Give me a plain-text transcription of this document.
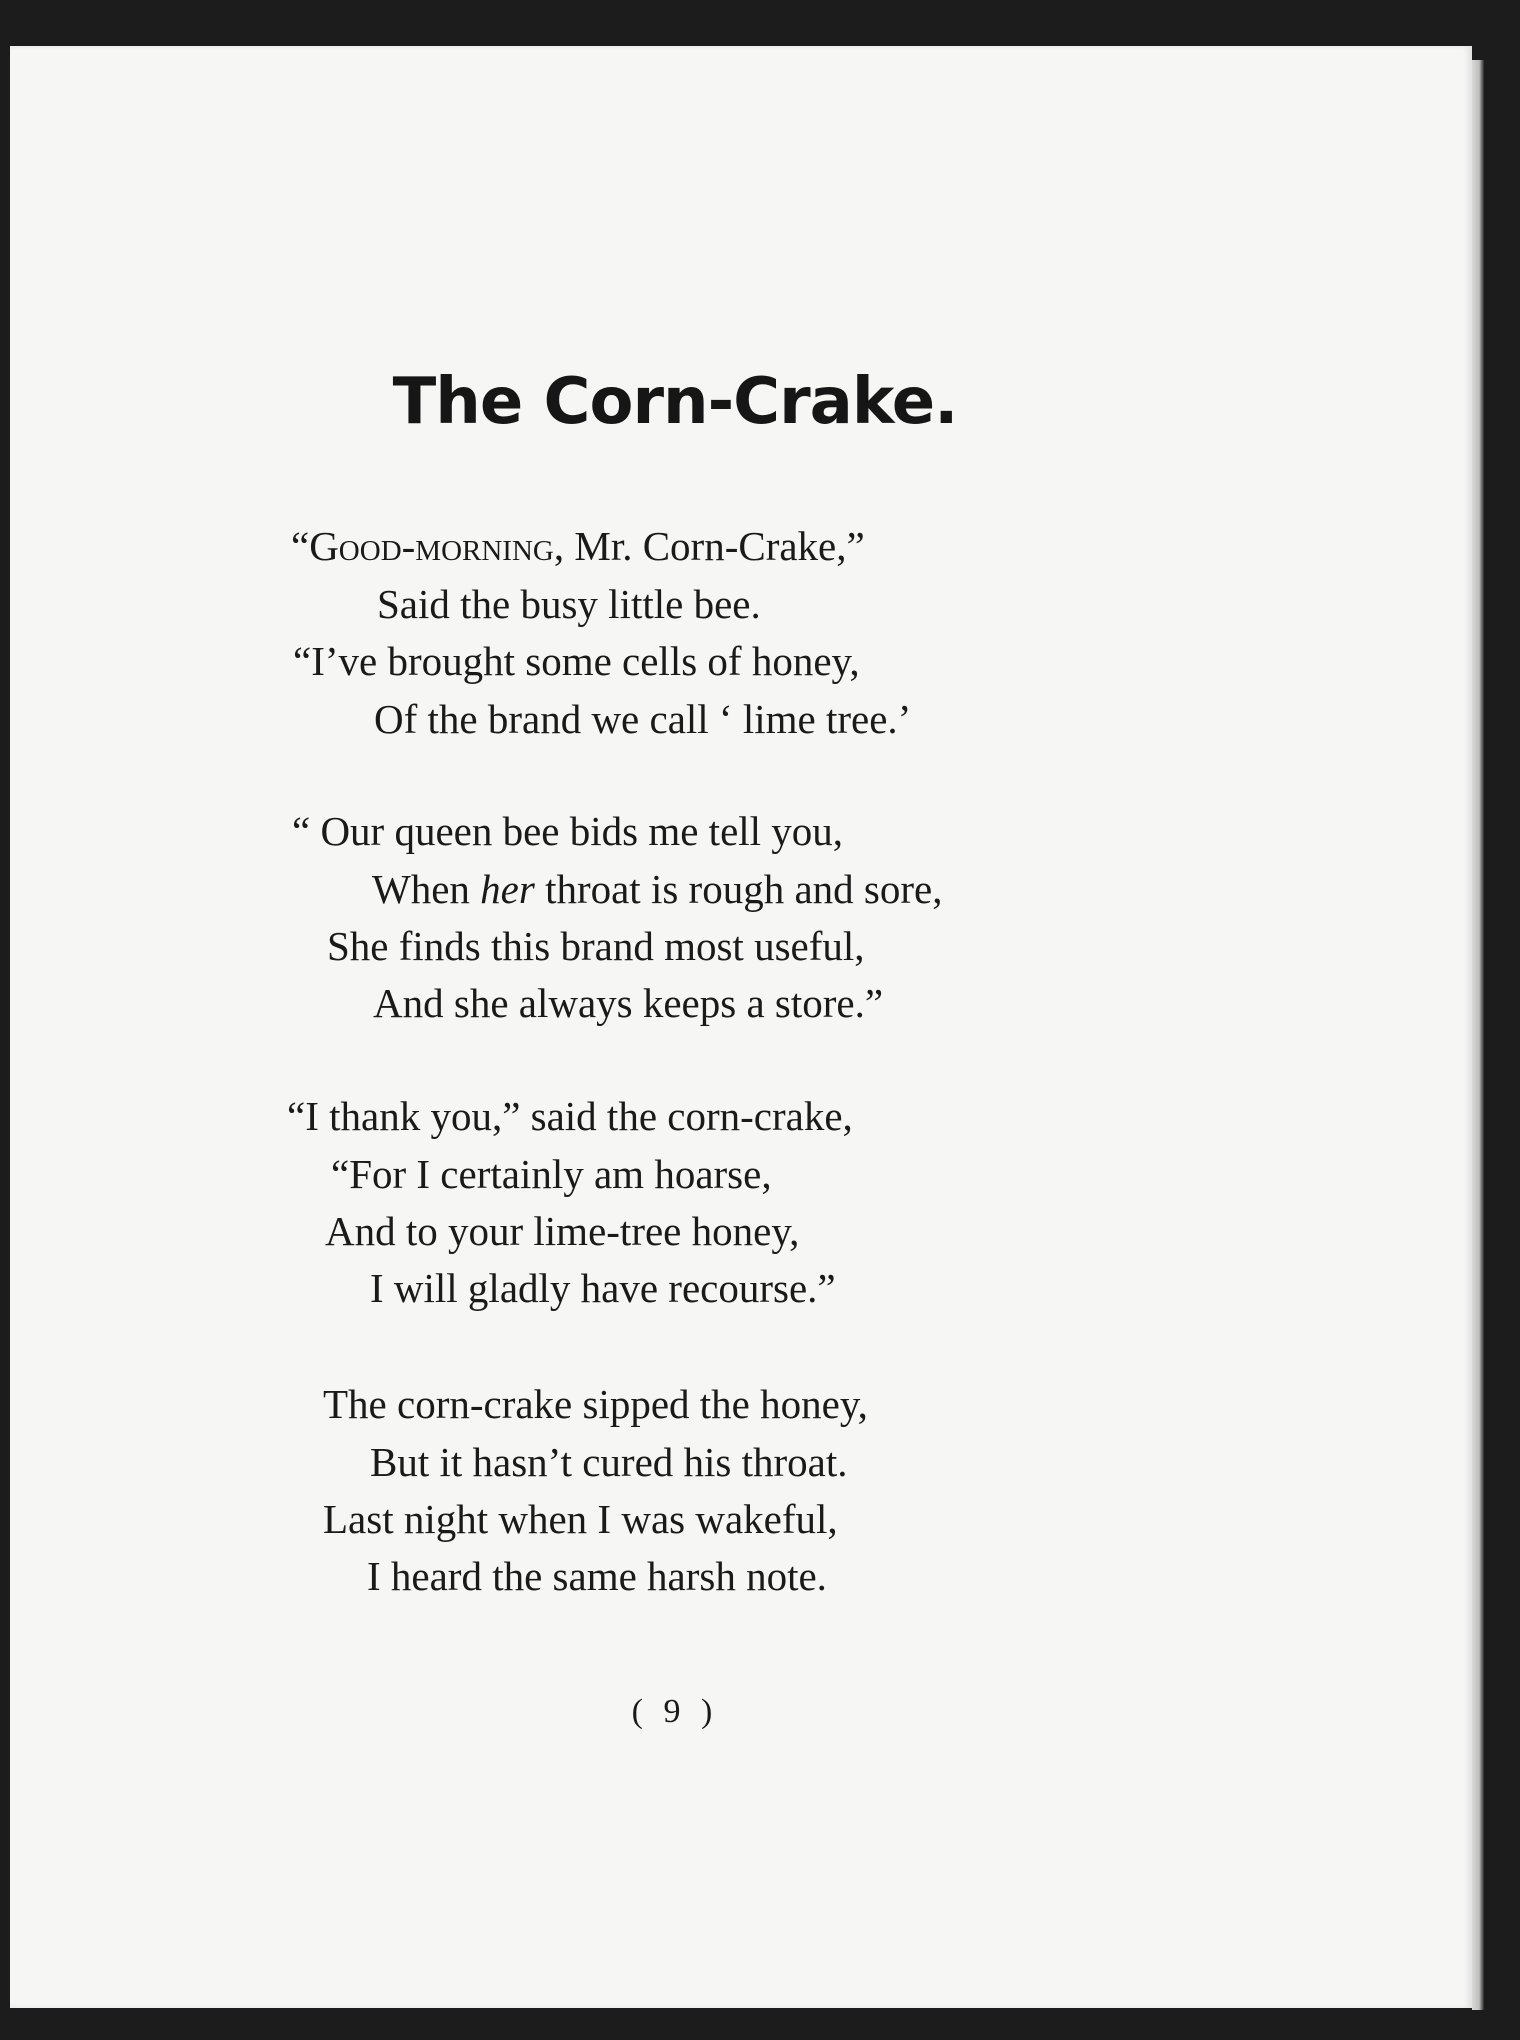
The Corn-Crake.
“Good-morning, Mr. Corn-Crake,”
Said the busy little bee.
“I’ve brought some cells of honey,
Of the brand we call ‘ lime tree.’
“ Our queen bee bids me tell you,
When her throat is rough and sore,
She finds this brand most useful,
And she always keeps a store.”
“I thank you,” said the corn-crake,
“For I certainly am hoarse,
And to your lime-tree honey,
I will gladly have recourse.”
The corn-crake sipped the honey,
But it hasn’t cured his throat.
Last night when I was wakeful,
I heard the same harsh note.
( 9 )
